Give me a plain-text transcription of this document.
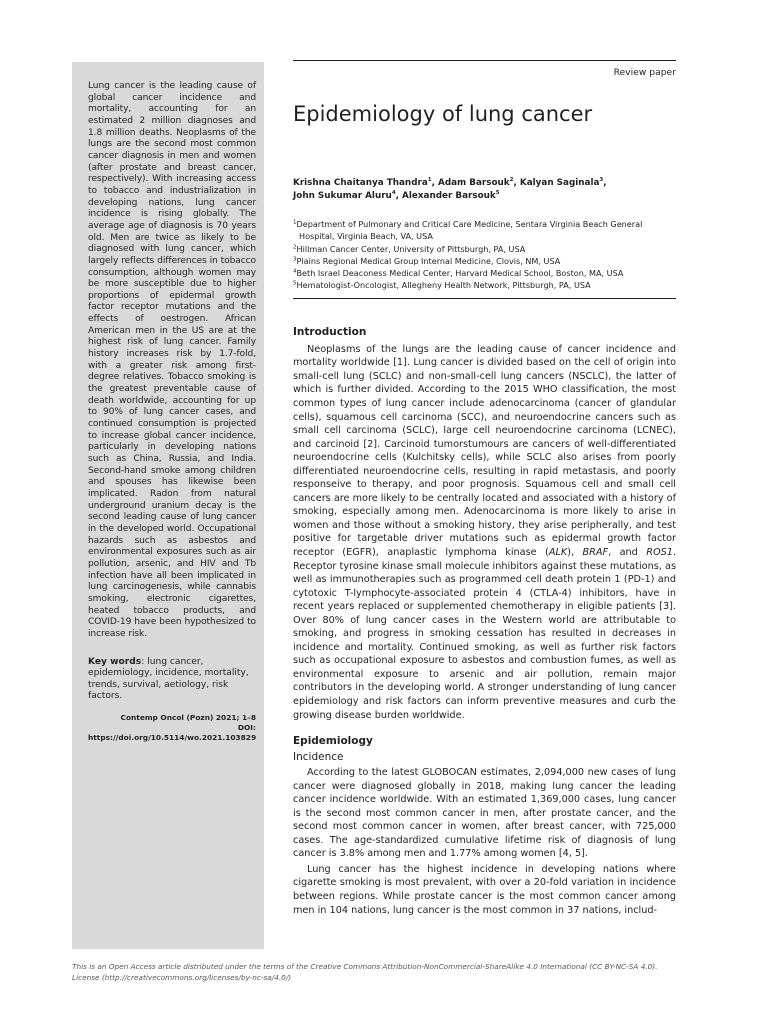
Lung cancer is the leading cause of global cancer incidence and mortality, accounting for an estimated 2 million diagnoses and 1.8 million deaths. Neoplasms of the lungs are the second most common cancer diagnosis in men and women (after prostate and breast cancer, respectively). With increasing access to tobacco and industrialization in developing nations, lung cancer incidence is rising globally. The average age of diagnosis is 70 years old. Men are twice as likely to be diagnosed with lung cancer, which largely reflects differences in tobacco consumption, although women may be more susceptible due to higher proportions of epidermal growth factor receptor mutations and the effects of oestrogen. African American men in the US are at the highest risk of lung cancer. Family history increases risk by 1.7-fold, with a greater risk among first-degree relatives. Tobacco smoking is the greatest preventable cause of death worldwide, accounting for up to 90% of lung cancer cases, and continued consumption is projected to increase global cancer incidence, particularly in developing nations such as China, Russia, and India. Second-hand smoke among children and spouses has likewise been implicated. Radon from natural underground uranium decay is the second leading cause of lung cancer in the developed world. Occupational hazards such as asbestos and environmental exposures such as air pollution, arsenic, and HIV and Tb infection have all been implicated in lung carcinogenesis, while cannabis smoking, electronic cigarettes, heated tobacco products, and COVID-19 have been hypothesized to increase risk.

Key words: lung cancer, epidemiology, incidence, mortality, trends, survival, aetiology, risk factors.

Contemp Oncol (Pozn) 2021; 1–8
DOI: https://doi.org/10.5114/wo.2021.103829

Review paper
Epidemiology of lung cancer
Krishna Chaitanya Thandra$^1$, Adam Barsouk$^2$, Kalyan Saginala$^3$,
John Sukumar Aluru$^4$, Alexander Barsouk$^5$
$^1$Department of Pulmonary and Critical Care Medicine, Sentara Virginia Beach General Hospital, Virginia Beach, VA, USA
$^2$Hillman Cancer Center, University of Pittsburgh, PA, USA
$^3$Plains Regional Medical Group Internal Medicine, Clovis, NM, USA
$^4$Beth Israel Deaconess Medical Center, Harvard Medical School, Boston, MA, USA
$^5$Hematologist-Oncologist, Allegheny Health Network, Pittsburgh, PA, USA
Introduction

Neoplasms of the lungs are the leading cause of cancer incidence and mortality worldwide [1]. Lung cancer is divided based on the cell of origin into small-cell lung (SCLC) and non-small-cell lung cancers (NSCLC), the latter of which is further divided. According to the 2015 WHO classification, the most common types of lung cancer include adenocarcinoma (cancer of glandular cells), squamous cell carcinoma (SCC), and neuroendocrine cancers such as small cell carcinoma (SCLC), large cell neuroendocrine carcinoma (LCNEC), and carcinoid [2]. Carcinoid tumorstumours are cancers of well-differentiated neuroendocrine cells (Kulchitsky cells), while SCLC also arises from poorly differentiated neuroendocrine cells, resulting in rapid metastasis, and poorly responseive to therapy, and poor prognosis. Squamous cell and small cell cancers are more likely to be centrally located and associated with a history of smoking, especially among men. Adenocarcinoma is more likely to arise in women and those without a smoking history, they arise peripherally, and test positive for targetable driver mutations such as epidermal growth factor receptor (EGFR), anaplastic lymphoma kinase (ALK), BRAF, and ROS1. Receptor tyrosine kinase small molecule inhibitors against these mutations, as well as immunotherapies such as programmed cell death protein 1 (PD-1) and cytotoxic T-lymphocyte-associated protein 4 (CTLA-4) inhibitors, have in recent years replaced or supplemented chemotherapy in eligible patients [3]. Over 80% of lung cancer cases in the Western world are attributable to smoking, and progress in smoking cessation has resulted in decreases in incidence and mortality. Continued smoking, as well as further risk factors such as occupational exposure to asbestos and combustion fumes, as well as environmental exposure to arsenic and air pollution, remain major contributors in the developing world. A stronger understanding of lung cancer epidemiology and risk factors can inform preventive measures and curb the growing disease burden worldwide.

Epidemiology
Incidence

According to the latest GLOBOCAN estimates, 2,094,000 new cases of lung cancer were diagnosed globally in 2018, making lung cancer the leading cancer incidence worldwide. With an estimated 1,369,000 cases, lung cancer is the second most common cancer in men, after prostate cancer, and the second most common cancer in women, after breast cancer, with 725,000 cases. The age-standardized cumulative lifetime risk of diagnosis of lung cancer is 3.8% among men and 1.77% among women [4, 5].

Lung cancer has the highest incidence in developing nations where cigarette smoking is most prevalent, with over a 20-fold variation in incidence between regions. While prostate cancer is the most common cancer among men in 104 nations, lung cancer is the most common in 37 nations, includ-

This is an Open Access article distributed under the terms of the Creative Commons Attribution-NonCommercial-ShareAlike 4.0 International (CC BY-NC-SA 4.0).
License (http://creativecommons.org/licenses/by-nc-sa/4.0/)
